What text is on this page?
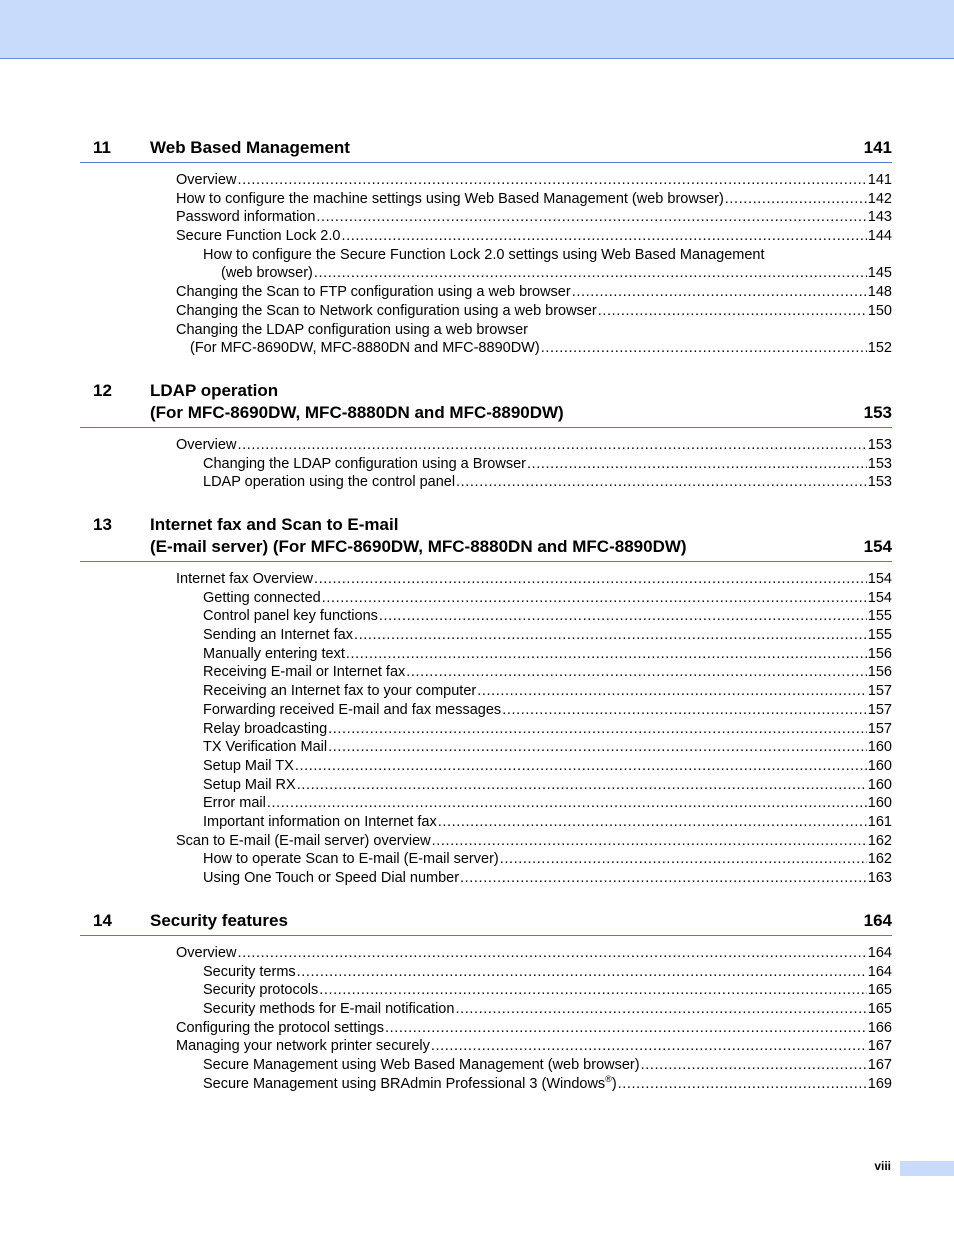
11 Web Based Management	141
Overview .....	141
How to configure the machine settings using Web Based Management (web browser) .....	142
Password information .....	143
Secure Function Lock 2.0 .....	144
How to configure the Secure Function Lock 2.0 settings using Web Based Management
(web browser) .....	145
Changing the Scan to FTP configuration using a web browser .....	148
Changing the Scan to Network configuration using a web browser .....	150
Changing the LDAP configuration using a web browser
(For MFC-8690DW, MFC-8880DN and MFC-8890DW) .....	152
12 LDAP operation
(For MFC-8690DW, MFC-8880DN and MFC-8890DW)	153
Overview .....	153
Changing the LDAP configuration using a Browser .....	153
LDAP operation using the control panel .....	153
13 Internet fax and Scan to E-mail
(E-mail server) (For MFC-8690DW, MFC-8880DN and MFC-8890DW)	154
Internet fax Overview .....	154
Getting connected .....	154
Control panel key functions .....	155
Sending an Internet fax .....	155
Manually entering text .....	156
Receiving E-mail or Internet fax .....	156
Receiving an Internet fax to your computer .....	157
Forwarding received E-mail and fax messages .....	157
Relay broadcasting .....	157
TX Verification Mail .....	160
Setup Mail TX .....	160
Setup Mail RX .....	160
Error mail .....	160
Important information on Internet fax .....	161
Scan to E-mail (E-mail server) overview .....	162
How to operate Scan to E-mail (E-mail server) .....	162
Using One Touch or Speed Dial number .....	163
14 Security features	164
Overview .....	164
Security terms .....	164
Security protocols .....	165
Security methods for E-mail notification .....	165
Configuring the protocol settings .....	166
Managing your network printer securely .....	167
Secure Management using Web Based Management (web browser) .....	167
Secure Management using BRAdmin Professional 3 (Windows®) .....	169
viii
